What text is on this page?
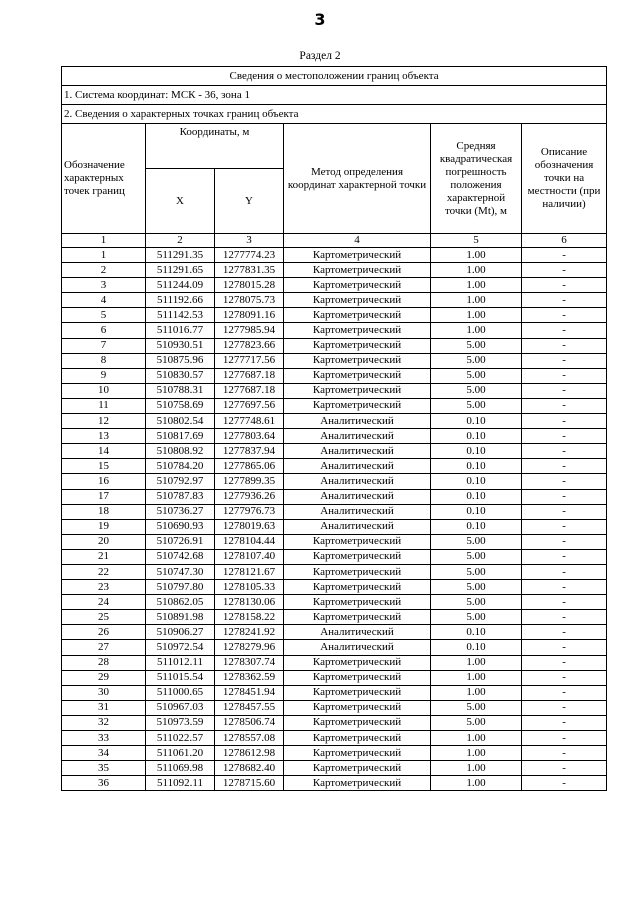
3
Раздел 2
Сведения о местоположении границ объекта					
1. Система координат: МСК - 36, зона 1					
2. Сведения о характерных точках границ объекта					
Обозначение характерных точек границ	Координаты, м		Метод определения координат характерной точки	Средняя квадратическая погрешность положения характерной точки (Mt), м	Описание обозначения точки на местности (при наличии)
	X	Y			
1	2	3	4	5	6
1	511291.35	1277774.23	Картометрический	1.00	-
2	511291.65	1277831.35	Картометрический	1.00	-
3	511244.09	1278015.28	Картометрический	1.00	-
4	511192.66	1278075.73	Картометрический	1.00	-
5	511142.53	1278091.16	Картометрический	1.00	-
6	511016.77	1277985.94	Картометрический	1.00	-
7	510930.51	1277823.66	Картометрический	5.00	-
8	510875.96	1277717.56	Картометрический	5.00	-
9	510830.57	1277687.18	Картометрический	5.00	-
10	510788.31	1277687.18	Картометрический	5.00	-
11	510758.69	1277697.56	Картометрический	5.00	-
12	510802.54	1277748.61	Аналитический	0.10	-
13	510817.69	1277803.64	Аналитический	0.10	-
14	510808.92	1277837.94	Аналитический	0.10	-
15	510784.20	1277865.06	Аналитический	0.10	-
16	510792.97	1277899.35	Аналитический	0.10	-
17	510787.83	1277936.26	Аналитический	0.10	-
18	510736.27	1277976.73	Аналитический	0.10	-
19	510690.93	1278019.63	Аналитический	0.10	-
20	510726.91	1278104.44	Картометрический	5.00	-
21	510742.68	1278107.40	Картометрический	5.00	-
22	510747.30	1278121.67	Картометрический	5.00	-
23	510797.80	1278105.33	Картометрический	5.00	-
24	510862.05	1278130.06	Картометрический	5.00	-
25	510891.98	1278158.22	Картометрический	5.00	-
26	510906.27	1278241.92	Аналитический	0.10	-
27	510972.54	1278279.96	Аналитический	0.10	-
28	511012.11	1278307.74	Картометрический	1.00	-
29	511015.54	1278362.59	Картометрический	1.00	-
30	511000.65	1278451.94	Картометрический	1.00	-
31	510967.03	1278457.55	Картометрический	5.00	-
32	510973.59	1278506.74	Картометрический	5.00	-
33	511022.57	1278557.08	Картометрический	1.00	-
34	511061.20	1278612.98	Картометрический	1.00	-
35	511069.98	1278682.40	Картометрический	1.00	-
36	511092.11	1278715.60	Картометрический	1.00	-
